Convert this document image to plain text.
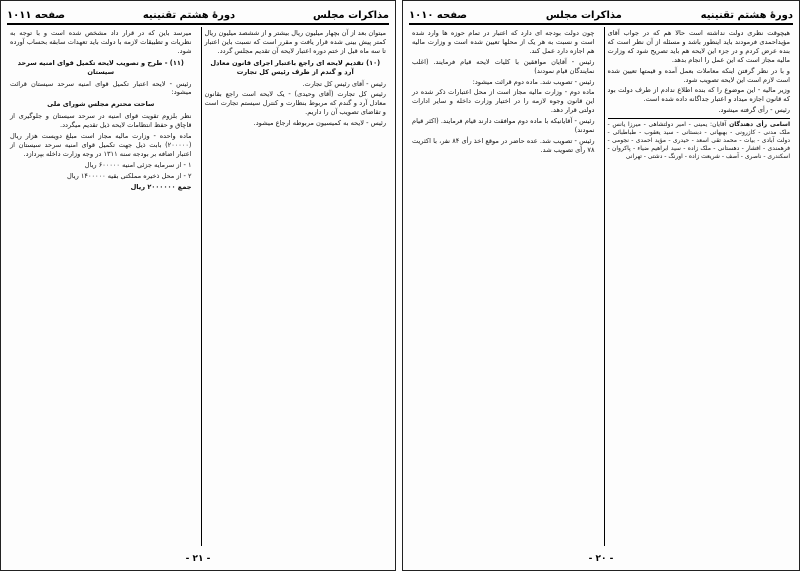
مذاکرات مجلس
دورهٔ هشتم تقنینیه
صفحه ۱۰۱۱

میتوان بعد از آن بچهار میلیون ریال بیشتر و از ششصد میلیون ریال کمتر پیش بینی شده قرار یافت و مقرر است که نسبت باین اعتبار تا سه ماه قبل از ختم دوره اعتبار لایحه آن تقدیم مجلس گردد.

(۱۰) تقدیم لایحه ای راجع باعتبار اجرای قانون معادل آرد و گندم از طرف رئیس کل تجارت

رئیس - آقای رئیس کل تجارت.

رئیس کل تجارت (آقای وحیدی) - یک لایحه است راجع بقانون معادل آرد و گندم که مربوط بنظارت و کنترل سیستم تجارت است و تقاضای تصویب آن را داریم.

رئیس - لایحه به کمیسیون مربوطه ارجاع میشود.

میرسد باین که در قرار داد مشخص شده است و با توجه به نظریات و تطبیقات لازمه با دولت باید تعهدات سابقه بحساب آورده شود.

(۱۱) - طرح و تصویب لایحه تکمیل قوای امنیه سرحد سیستان

رئیس - لایحه اعتبار تکمیل قوای امنیه سرحد سیستان قرائت میشود:

ساحت محترم مجلس شورای ملی

نظر بلزوم تقویت قوای امنیه در سرحد سیستان و جلوگیری از قاچاق و حفظ انتظامات لایحه ذیل تقدیم میگردد.

ماده واحده - وزارت مالیه مجاز است مبلغ دویست هزار ریال (۲۰۰۰۰۰) بابت ذیل جهت تکمیل قوای امنیه سرحد سیستان از اعتبار اضافه بر بودجه سنه ۱۳۱۱ در وجه وزارت داخله بپردازد.

۱ - از سرمایه جزئی امنیه ۶۰۰۰۰۰ ریال

۲ - از محل ذخیره مملکتی بقیه ۱۴۰۰۰۰۰ ریال

جمع ۲۰۰۰۰۰۰ ریال

- ۲۱ -
دورهٔ هشتم تقنینیه
مذاکرات مجلس
صفحه ۱۰۱۰

هیچوقت نظری دولت نداشته است حالا هم که در جواب آقای مؤیداحمدی فرمودند باید اینطور باشد و مسئله از آن نظر است که بنده عرض کردم و در جزء این لایحه هم باید تصریح شود که وزارت مالیه مجاز است که این عمل را انجام بدهد.

و با در نظر گرفتن اینکه معاملات بعمل آمده و قیمتها تعیین شده است لازم است این لایحه تصویب شود.

وزیر مالیه - این موضوع را که بنده اطلاع ندادم از طرف دولت بود که قانون اجازه میداد و اعتبار جداگانه داده شده است.

رئیس - رأی گرفته میشود.

اسامی رأی دهندگان آقایان: یمینی - امیر دولتشاهی - میرزا یانس - ملک مدنی - کازرونی - بهبهانی - دبستانی - سید یعقوب - طباطبائی - دولت آبادی - بیات - محمد تقی اسعد - حیدری - مؤید احمدی - نجومی - فرهمندی - افشار - دهستانی - ملک زاده - سید ابراهیم ضیاء - پاکروان - اسکندری - ناصری - آصف - شریعت زاده - اورنگ - دشتی - تهرانی

چون دولت بودجه ای دارد که اعتبار در تمام حوزه ها وارد شده است و نسبت به هر یک از محلها تعیین شده است و وزارت مالیه هم اجازه دارد عمل کند.

رئیس - آقایان موافقین با کلیات لایحه قیام فرمایند. (اغلب نمایندگان قیام نمودند)

رئیس - تصویب شد. ماده دوم قرائت میشود:

ماده دوم - وزارت مالیه مجاز است از محل اعتبارات ذکر شده در این قانون وجوه لازمه را در اختیار وزارت داخله و سایر ادارات دولتی قرار دهد.

رئیس - آقایانیکه با ماده دوم موافقت دارند قیام فرمایند. (اکثر قیام نمودند)

رئیس - تصویب شد. عده حاضر در موقع اخذ رأی ۸۴ نفر، با اکثریت ۷۸ رأی تصویب شد.

- ۲۰ -
